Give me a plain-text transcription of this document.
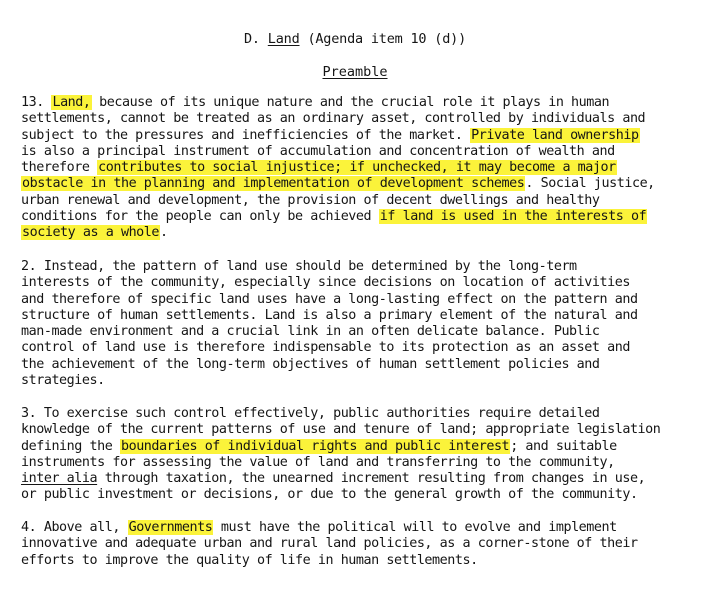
D. Land (Agenda item 10 (d))
Preamble
13. Land, because of its unique nature and the crucial role it plays in human
settlements, cannot be treated as an ordinary asset, controlled by individuals and
subject to the pressures and inefficiencies of the market. Private land ownership
is also a principal instrument of accumulation and concentration of wealth and
therefore contributes to social injustice; if unchecked, it may become a major
obstacle in the planning and implementation of development schemes. Social justice,
urban renewal and development, the provision of decent dwellings and healthy
conditions for the people can only be achieved if land is used in the interests of
society as a whole.
2. Instead, the pattern of land use should be determined by the long-term
interests of the community, especially since decisions on location of activities
and therefore of specific land uses have a long-lasting effect on the pattern and
structure of human settlements. Land is also a primary element of the natural and
man-made environment and a crucial link in an often delicate balance. Public
control of land use is therefore indispensable to its protection as an asset and
the achievement of the long-term objectives of human settlement policies and
strategies.
3. To exercise such control effectively, public authorities require detailed
knowledge of the current patterns of use and tenure of land; appropriate legislation
defining the boundaries of individual rights and public interest; and suitable
instruments for assessing the value of land and transferring to the community,
inter alia through taxation, the unearned increment resulting from changes in use,
or public investment or decisions, or due to the general growth of the community.
4. Above all, Governments must have the political will to evolve and implement
innovative and adequate urban and rural land policies, as a corner-stone of their
efforts to improve the quality of life in human settlements.
